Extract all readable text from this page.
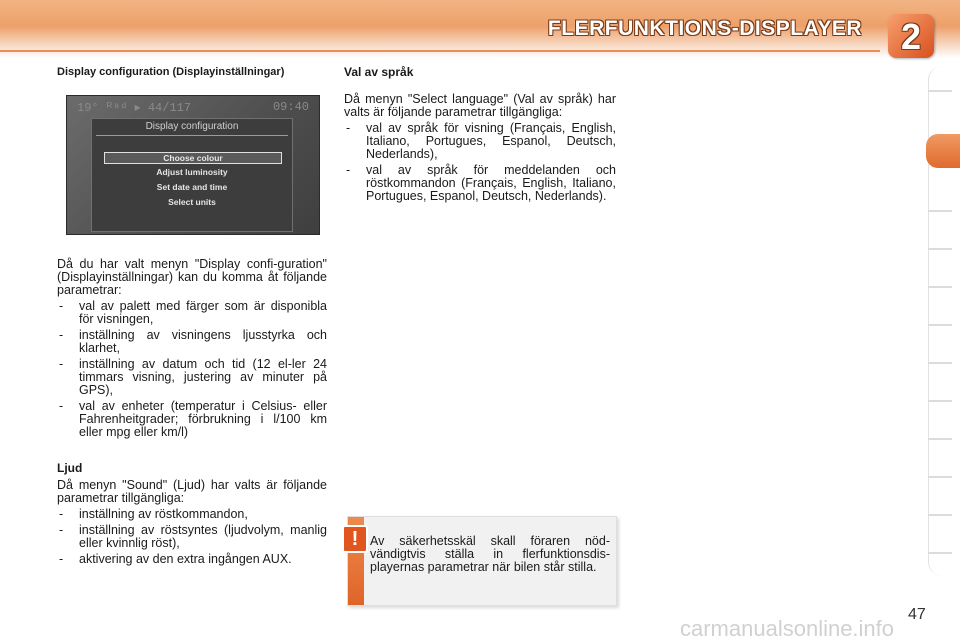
FLERFUNKTIONS-DISPLAYER	2
Display configuration (Displayinställningar)
19° ᴿᵃᵈ ▸ 44/117	09:40
Display configuration
Choose colour
Adjust luminosity
Set date and time
Select units

Då du har valt menyn "Display confi-guration" (Displayinställningar) kan du komma åt följande parametrar:

- val av palett med färger som är disponibla för visningen,
- inställning av visningens ljusstyrka och klarhet,
- inställning av datum och tid (12 el-ler 24 timmars visning, justering av minuter på GPS),
- val av enheter (temperatur i Celsius- eller Fahrenheitgrader; förbrukning i l/100 km eller mpg eller km/l)
Ljud

Då menyn "Sound" (Ljud) har valts är följande parametrar tillgängliga:

- inställning av röstkommandon,
- inställning av röstsyntes (ljudvolym, manlig eller kvinnlig röst),
- aktivering av den extra ingången AUX.
Val av språk

Då menyn "Select language" (Val av språk) har valts är följande parametrar tillgängliga:

- val av språk för visning (Français, English, Italiano, Portugues, Espanol, Deutsch, Nederlands),
- val av språk för meddelanden och röstkommandon (Français, English, Italiano, Portugues, Espanol, Deutsch, Nederlands).
! Av säkerhetsskäl skall föraren nöd-vändigtvis ställa in flerfunktionsdis-playernas parametrar när bilen står stilla.
47
carmanualsonline.info
